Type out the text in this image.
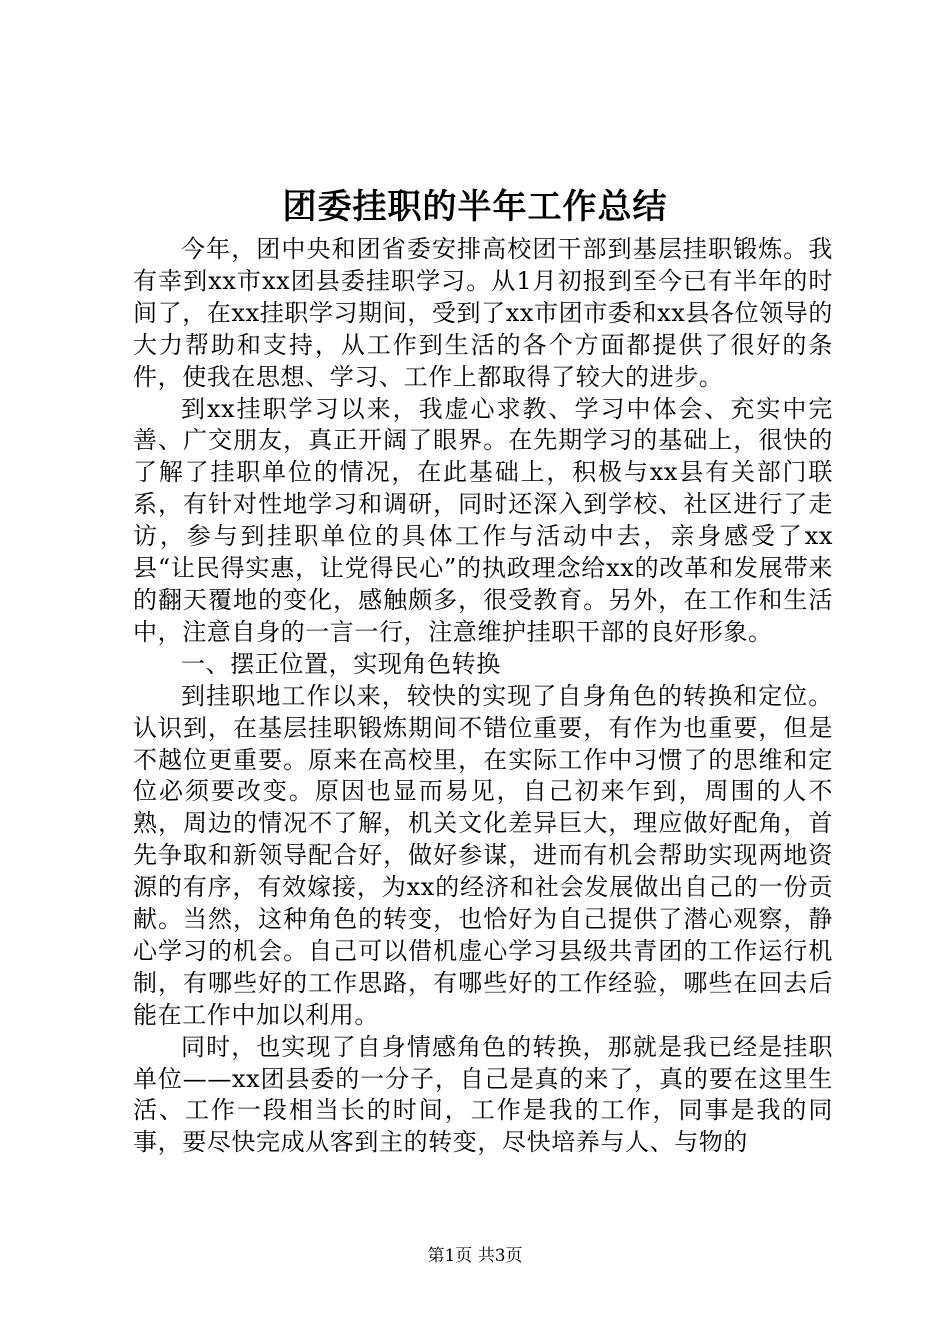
团委挂职的半年工作总结

今年，团中央和团省委安排高校团干部到基层挂职锻炼。我有幸到xx市xx团县委挂职学习。从1月初报到至今已有半年的时间了，在xx挂职学习期间，受到了xx市团市委和xx县各位领导的大力帮助和支持，从工作到生活的各个方面都提供了很好的条件，使我在思想、学习、工作上都取得了较大的进步。

到xx挂职学习以来，我虚心求教、学习中体会、充实中完善、广交朋友，真正开阔了眼界。在先期学习的基础上，很快的了解了挂职单位的情况，在此基础上，积极与xx县有关部门联系，有针对性地学习和调研，同时还深入到学校、社区进行了走访，参与到挂职单位的具体工作与活动中去，亲身感受了xx县“让民得实惠，让党得民心”的执政理念给xx的改革和发展带来的翻天覆地的变化，感触颇多，很受教育。另外，在工作和生活中，注意自身的一言一行，注意维护挂职干部的良好形象。

一、摆正位置，实现角色转换

到挂职地工作以来，较快的实现了自身角色的转换和定位。认识到，在基层挂职锻炼期间不错位重要，有作为也重要，但是不越位更重要。原来在高校里，在实际工作中习惯了的思维和定位必须要改变。原因也显而易见，自己初来乍到，周围的人不熟，周边的情况不了解，机关文化差异巨大，理应做好配角，首先争取和新领导配合好，做好参谋，进而有机会帮助实现两地资源的有序，有效嫁接，为xx的经济和社会发展做出自己的一份贡献。当然，这种角色的转变，也恰好为自己提供了潜心观察，静心学习的机会。自己可以借机虚心学习县级共青团的工作运行机制，有哪些好的工作思路，有哪些好的工作经验，哪些在回去后能在工作中加以利用。

同时，也实现了自身情感角色的转换，那就是我已经是挂职单位——xx团县委的一分子，自己是真的来了，真的要在这里生活、工作一段相当长的时间，工作是我的工作，同事是我的同事，要尽快完成从客到主的转变，尽快培养与人、与物的

第1页 共3页
